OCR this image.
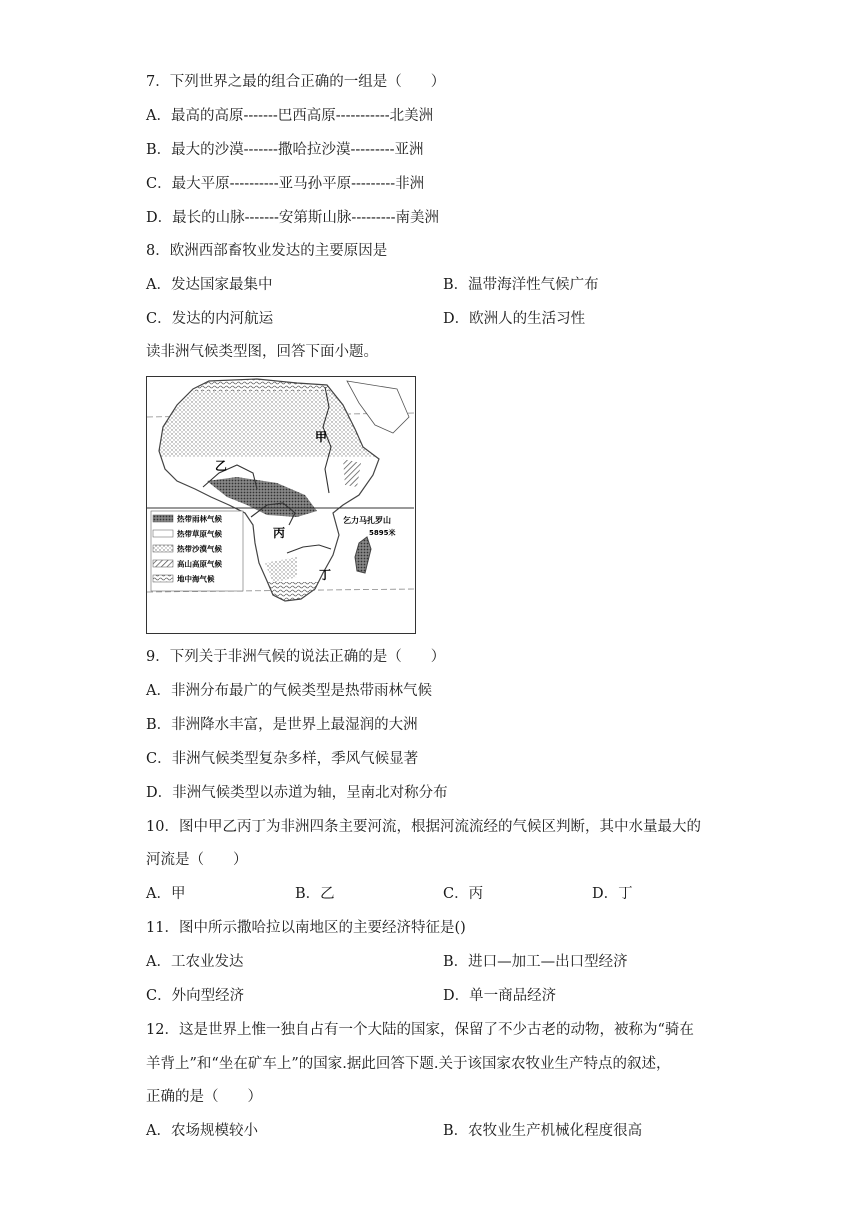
7．下列世界之最的组合正确的一组是（　　）
A．最高的高原-------巴西高原-----------北美洲
B．最大的沙漠-------撒哈拉沙漠---------亚洲
C．最大平原----------亚马孙平原---------非洲
D．最长的山脉-------安第斯山脉---------南美洲
8．欧洲西部畜牧业发达的主要原因是
A．发达国家最集中	B．温带海洋性气候广布
C．发达的内河航运	D．欧洲人的生活习性
读非洲气候类型图，回答下面小题。
热带雨林气候
热带草原气候
热带沙漠气候
高山高原气候
地中海气候
甲
乙
丙
丁
乞力马扎罗山
5895米
9．下列关于非洲气候的说法正确的是（　　）
A．非洲分布最广的气候类型是热带雨林气候
B．非洲降水丰富，是世界上最湿润的大洲
C．非洲气候类型复杂多样，季风气候显著
D．非洲气候类型以赤道为轴，呈南北对称分布
10．图中甲乙丙丁为非洲四条主要河流，根据河流流经的气候区判断，其中水量最大的
河流是（　　）
A．甲	B．乙	C．丙	D．丁
11．图中所示撒哈拉以南地区的主要经济特征是()
A．工农业发达	B．进口—加工—出口型经济
C．外向型经济	D．单一商品经济
12．这是世界上惟一独自占有一个大陆的国家，保留了不少古老的动物，被称为“骑在
羊背上”和“坐在矿车上”的国家.据此回答下题.关于该国家农牧业生产特点的叙述，
正确的是（　　）
A．农场规模较小	B．农牧业生产机械化程度很高
